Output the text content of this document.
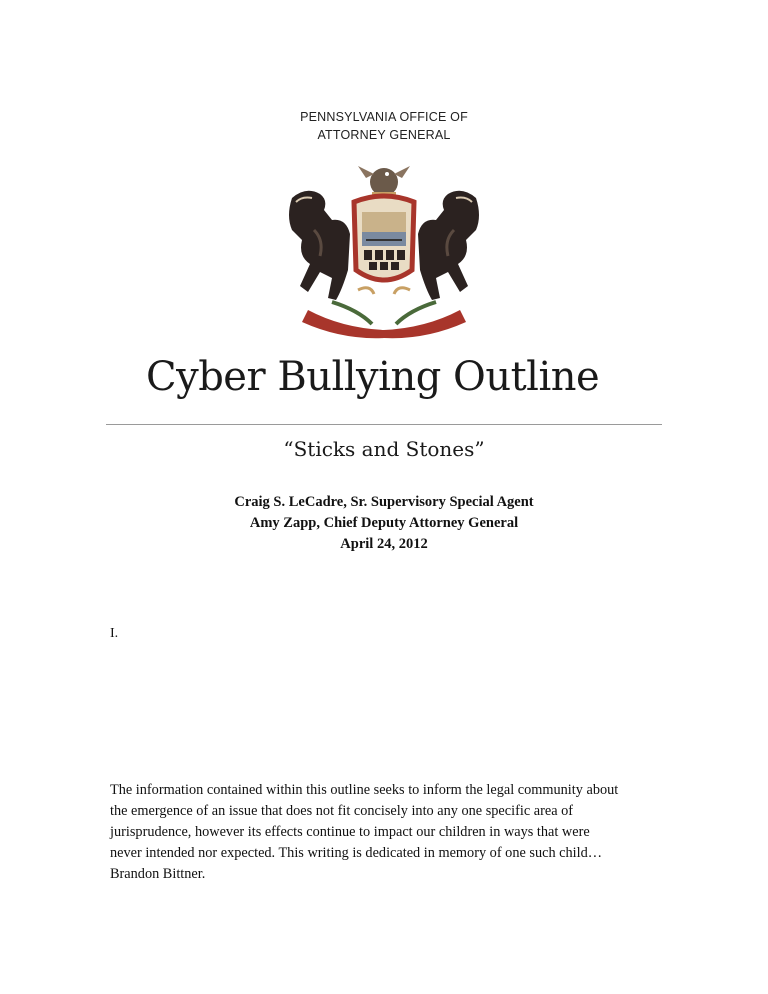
PENNSYLVANIA OFFICE OF
ATTORNEY GENERAL
Cyber Bullying Outline
“Sticks and Stones”
Craig S. LeCadre, Sr. Supervisory Special Agent
Amy Zapp, Chief Deputy Attorney General
April 24, 2012
I.
The information contained within this outline seeks to inform the legal community about
the emergence of an issue that does not fit concisely into any one specific area of
jurisprudence, however its effects continue to impact our children in ways that were
never intended nor expected. This writing is dedicated in memory of one such child…
Brandon Bittner.
